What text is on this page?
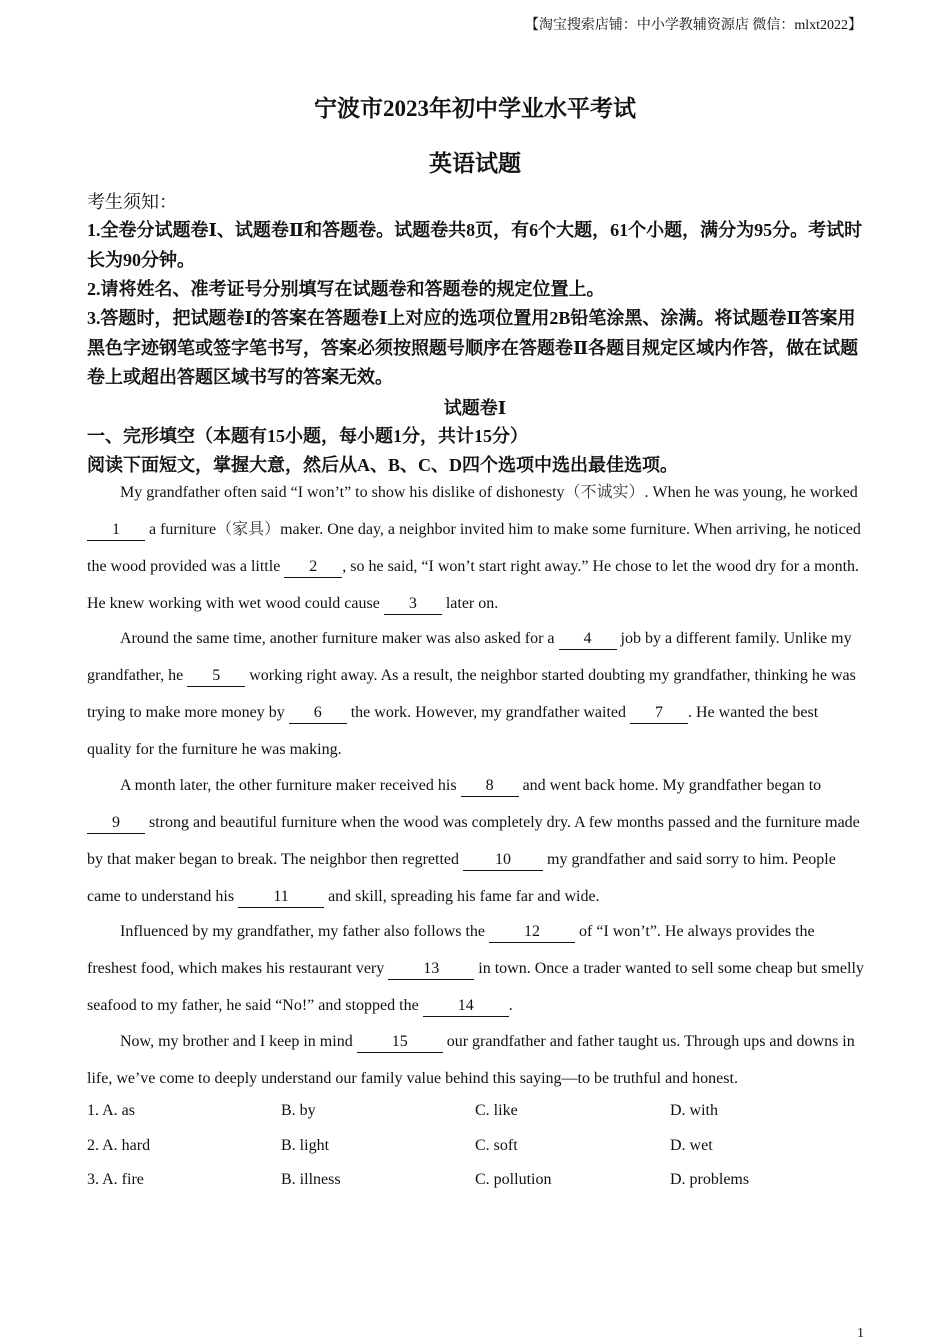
【淘宝搜索店铺：中小学教辅资源店 微信：mlxt2022】
宁波市2023年初中学业水平考试
英语试题
考生须知：
1.全卷分试题卷Ⅰ、试题卷Ⅱ和答题卷。试题卷共8页，有6个大题，61个小题，满分为95分。考试时长为90分钟。
2.请将姓名、准考证号分别填写在试题卷和答题卷的规定位置上。
3.答题时，把试题卷Ⅰ的答案在答题卷Ⅰ上对应的选项位置用2B铅笔涂黑、涂满。将试题卷Ⅱ答案用黑色字迹钢笔或签字笔书写，答案必须按照题号顺序在答题卷Ⅱ各题目规定区域内作答，做在试题卷上或超出答题区域书写的答案无效。
试题卷Ⅰ
一、完形填空（本题有15小题，每小题1分，共计15分）
阅读下面短文，掌握大意，然后从A、B、C、D四个选项中选出最佳选项。

My grandfather often said “I won’t” to show his dislike of dishonesty（不诚实）. When he was young, he worked 1 a furniture（家具）maker. One day, a neighbor invited him to make some furniture. When arriving, he noticed the wood provided was a little 2 , so he said, “I won’t start right away.” He chose to let the wood dry for a month. He knew working with wet wood could cause 3 later on.

Around the same time, another furniture maker was also asked for a 4 job by a different family. Unlike my grandfather, he 5 working right away. As a result, the neighbor started doubting my grandfather, thinking he was trying to make more money by 6 the work. However, my grandfather waited 7 . He wanted the best quality for the furniture he was making.

A month later, the other furniture maker received his 8 and went back home. My grandfather began to 9 strong and beautiful furniture when the wood was completely dry. A few months passed and the furniture made by that maker began to break. The neighbor then regretted 10 my grandfather and said sorry to him. People came to understand his 11 and skill, spreading his fame far and wide.

Influenced by my grandfather, my father also follows the 12 of “I won’t”. He always provides the freshest food, which makes his restaurant very 13 in town. Once a trader wanted to sell some cheap but smelly seafood to my father, he said “No!” and stopped the 14 .

Now, my brother and I keep in mind 15 our grandfather and father taught us. Through ups and downs in life, we’ve come to deeply understand our family value behind this saying—to be truthful and honest.

1. A. as	B. by	C. like	D. with
2. A. hard	B. light	C. soft	D. wet
3. A. fire	B. illness	C. pollution	D. problems
1
